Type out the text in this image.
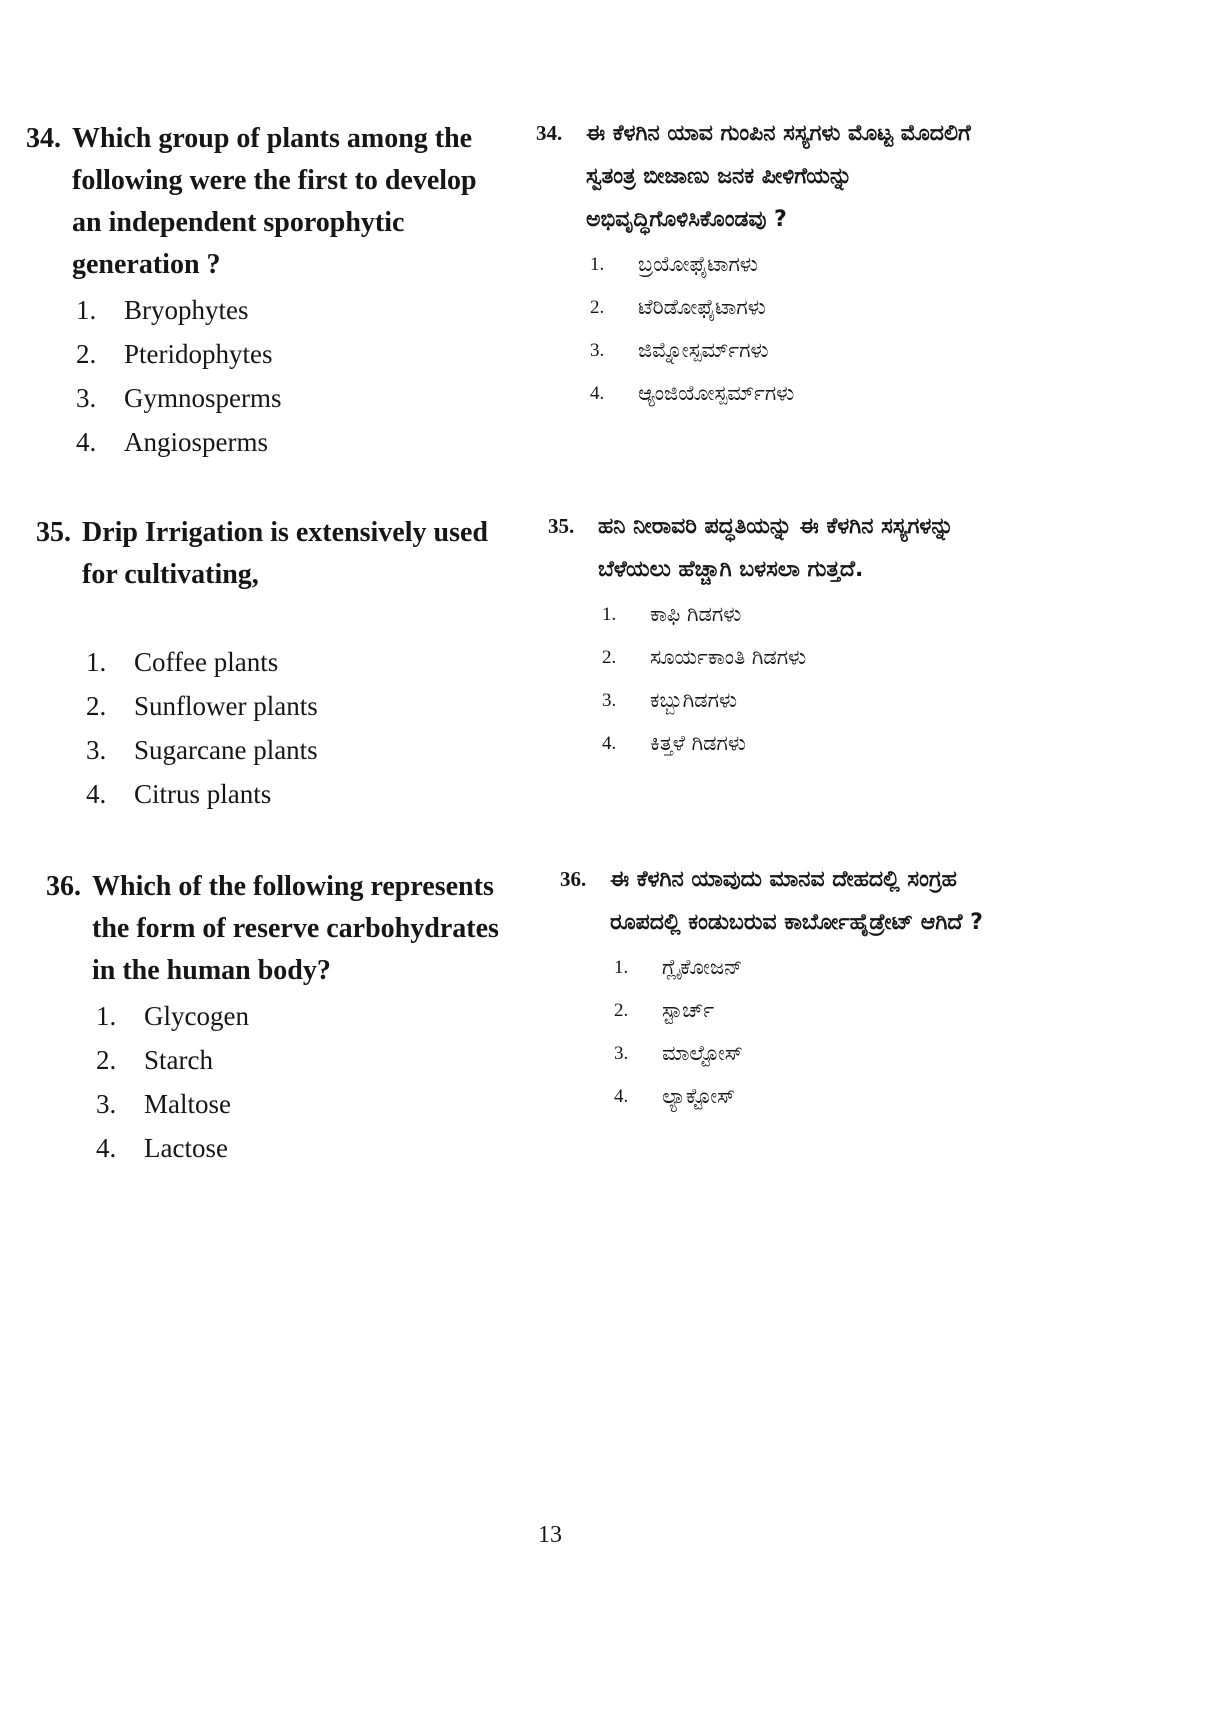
34. Which group of plants among the following were the first to develop an independent sporophytic generation ?
1.	Bryophytes
2.	Pteridophytes
3.	Gymnosperms
4.	Angiosperms
34.	ಈ ಕೆಳಗಿನ ಯಾವ ಗುಂಪಿನ ಸಸ್ಯಗಳು ಮೊಟ್ಟ ಮೊದಲಿಗೆ ಸ್ವತಂತ್ರ ಬೀಜಾಣು ಜನಕ ಪೀಳಿಗೆಯನ್ನು ಅಭಿವೃದ್ಧಿಗೊಳಿಸಿಕೊಂಡವು ?
1.	ಬ್ರಯೋಫೈಟಾಗಳು
2.	ಟೆರಿಡೋಫೈಟಾಗಳು
3.	ಜಿಮ್ನೋಸ್ಪರ್ಮ್‌ಗಳು
4.	ಆ್ಯಂಜಿಯೋಸ್ಪರ್ಮ್‌ಗಳು
35. Drip Irrigation is extensively used for cultivating,
1.	Coffee plants
2.	Sunflower plants
3.	Sugarcane plants
4.	Citrus plants
35.	ಹನಿ ನೀರಾವರಿ ಪದ್ಧತಿಯನ್ನು ಈ ಕೆಳಗಿನ ಸಸ್ಯಗಳನ್ನು ಬೆಳೆಯಲು ಹೆಚ್ಚಾಗಿ ಬಳಸಲಾ ಗುತ್ತದೆ.
1.	ಕಾಫಿ ಗಿಡಗಳು
2.	ಸೂರ್ಯಕಾಂತಿ ಗಿಡಗಳು
3.	ಕಬ್ಬುಗಿಡಗಳು
4.	ಕಿತ್ತಳೆ ಗಿಡಗಳು
36. Which of the following represents the form of reserve carbohydrates in the human body?
1.	Glycogen
2.	Starch
3.	Maltose
4.	Lactose
36.	ಈ ಕೆಳಗಿನ ಯಾವುದು ಮಾನವ ದೇಹದಲ್ಲಿ ಸಂಗ್ರಹ ರೂಪದಲ್ಲಿ ಕಂಡುಬರುವ ಕಾರ್ಬೋಹೈಡ್ರೇಟ್ ಆಗಿದೆ ?
1.	ಗ್ಲೈಕೋಜನ್
2.	ಸ್ಟಾರ್ಚ್
3.	ಮಾಲ್ಟೋಸ್
4.	ಲ್ಯಾಕ್ಟೋಸ್
13
